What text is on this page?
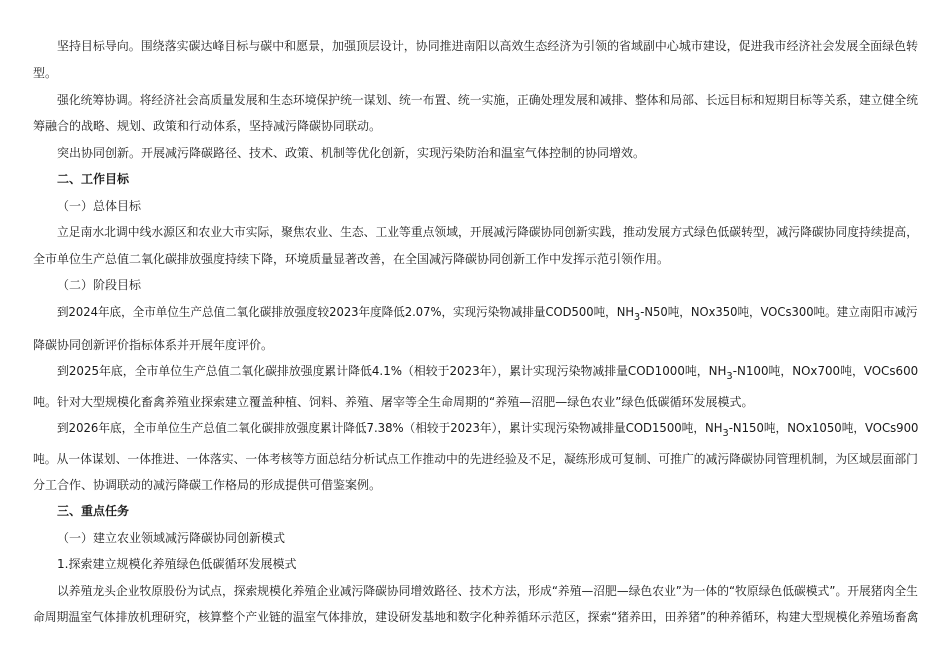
坚持目标导向。围绕落实碳达峰目标与碳中和愿景，加强顶层设计，协同推进南阳以高效生态经济为引领的省域副中心城市建设，促进我市经济社会发展全面绿色转
型。
强化统筹协调。将经济社会高质量发展和生态环境保护统一谋划、统一布置、统一实施，正确处理发展和减排、整体和局部、长远目标和短期目标等关系，建立健全统
筹融合的战略、规划、政策和行动体系，坚持减污降碳协同联动。
突出协同创新。开展减污降碳路径、技术、政策、机制等优化创新，实现污染防治和温室气体控制的协同增效。
二、工作目标
（一）总体目标
立足南水北调中线水源区和农业大市实际，聚焦农业、生态、工业等重点领域，开展减污降碳协同创新实践，推动发展方式绿色低碳转型，减污降碳协同度持续提高，
全市单位生产总值二氧化碳排放强度持续下降，环境质量显著改善，在全国减污降碳协同创新工作中发挥示范引领作用。
（二）阶段目标
到2024年底，全市单位生产总值二氧化碳排放强度较2023年度降低2.07%，实现污染物减排量COD500吨，$NH_3-N50$吨，NOx350吨，VOCs300吨。建立南阳市减污
降碳协同创新评价指标体系并开展年度评价。
到2025年底，全市单位生产总值二氧化碳排放强度累计降低4.1%（相较于2023年），累计实现污染物减排量COD1000吨，$NH_3-N100$吨，NOx700吨，VOCs600
吨。针对大型规模化畜禽养殖业探索建立覆盖种植、饲料、养殖、屠宰等全生命周期的“养殖—沼肥—绿色农业”绿色低碳循环发展模式。
到2026年底，全市单位生产总值二氧化碳排放强度累计降低7.38%（相较于2023年），累计实现污染物减排量COD1500吨，$NH_3-N150$吨，NOx1050吨，VOCs900
吨。从一体谋划、一体推进、一体落实、一体考核等方面总结分析试点工作推动中的先进经验及不足，凝练形成可复制、可推广的减污降碳协同管理机制，为区域层面部门
分工合作、协调联动的减污降碳工作格局的形成提供可借鉴案例。
三、重点任务
（一）建立农业领域减污降碳协同创新模式
1.探索建立规模化养殖绿色低碳循环发展模式
以养殖龙头企业牧原股份为试点，探索规模化养殖企业减污降碳协同增效路径、技术方法，形成“养殖—沼肥—绿色农业”为一体的“牧原绿色低碳模式”。开展猪肉全生
命周期温室气体排放机理研究，核算整个产业链的温室气体排放，建设研发基地和数字化种养循环示范区，探索“猪养田，田养猪”的种养循环，构建大型规模化养殖场畜禽
